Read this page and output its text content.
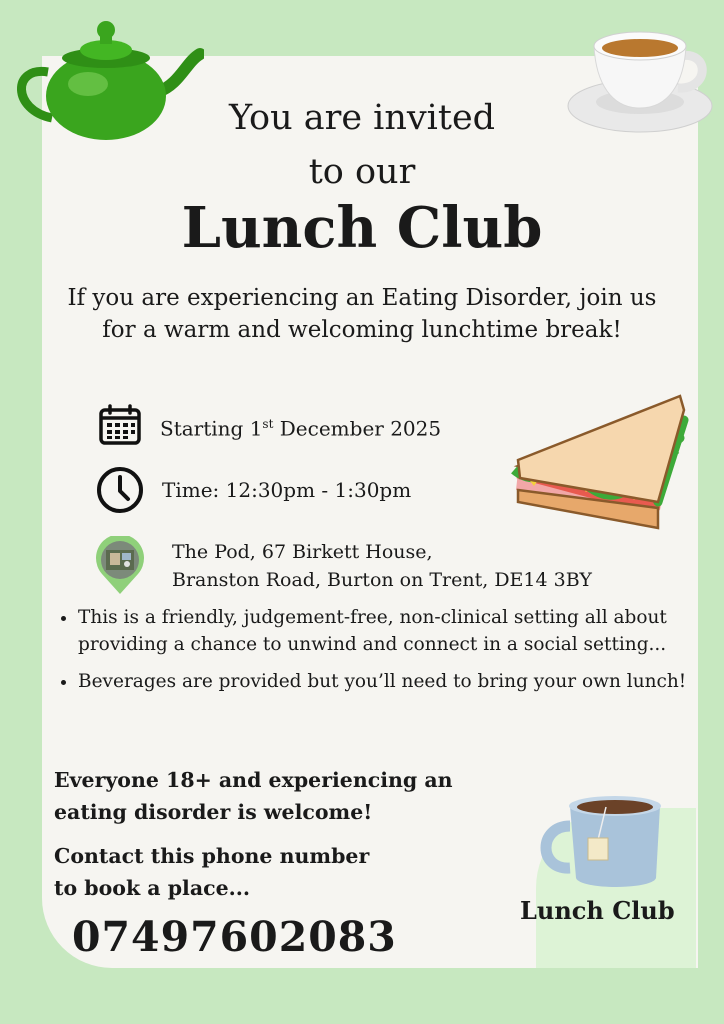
You are invited
to our
Lunch Club
If you are experiencing an Eating Disorder, join us for a warm and welcoming lunchtime break!
Starting 1st December 2025
Time: 12:30pm - 1:30pm
The Pod, 67 Birkett House,
Branston Road, Burton on Trent, DE14 3BY
• This is a friendly, judgement-free, non-clinical setting all about providing a chance to unwind and connect in a social setting...
• Beverages are provided but you’ll need to bring your own lunch!
Everyone 18+ and experiencing an
eating disorder is welcome!
Contact this phone number
to book a place...
07497602083
Lunch Club
